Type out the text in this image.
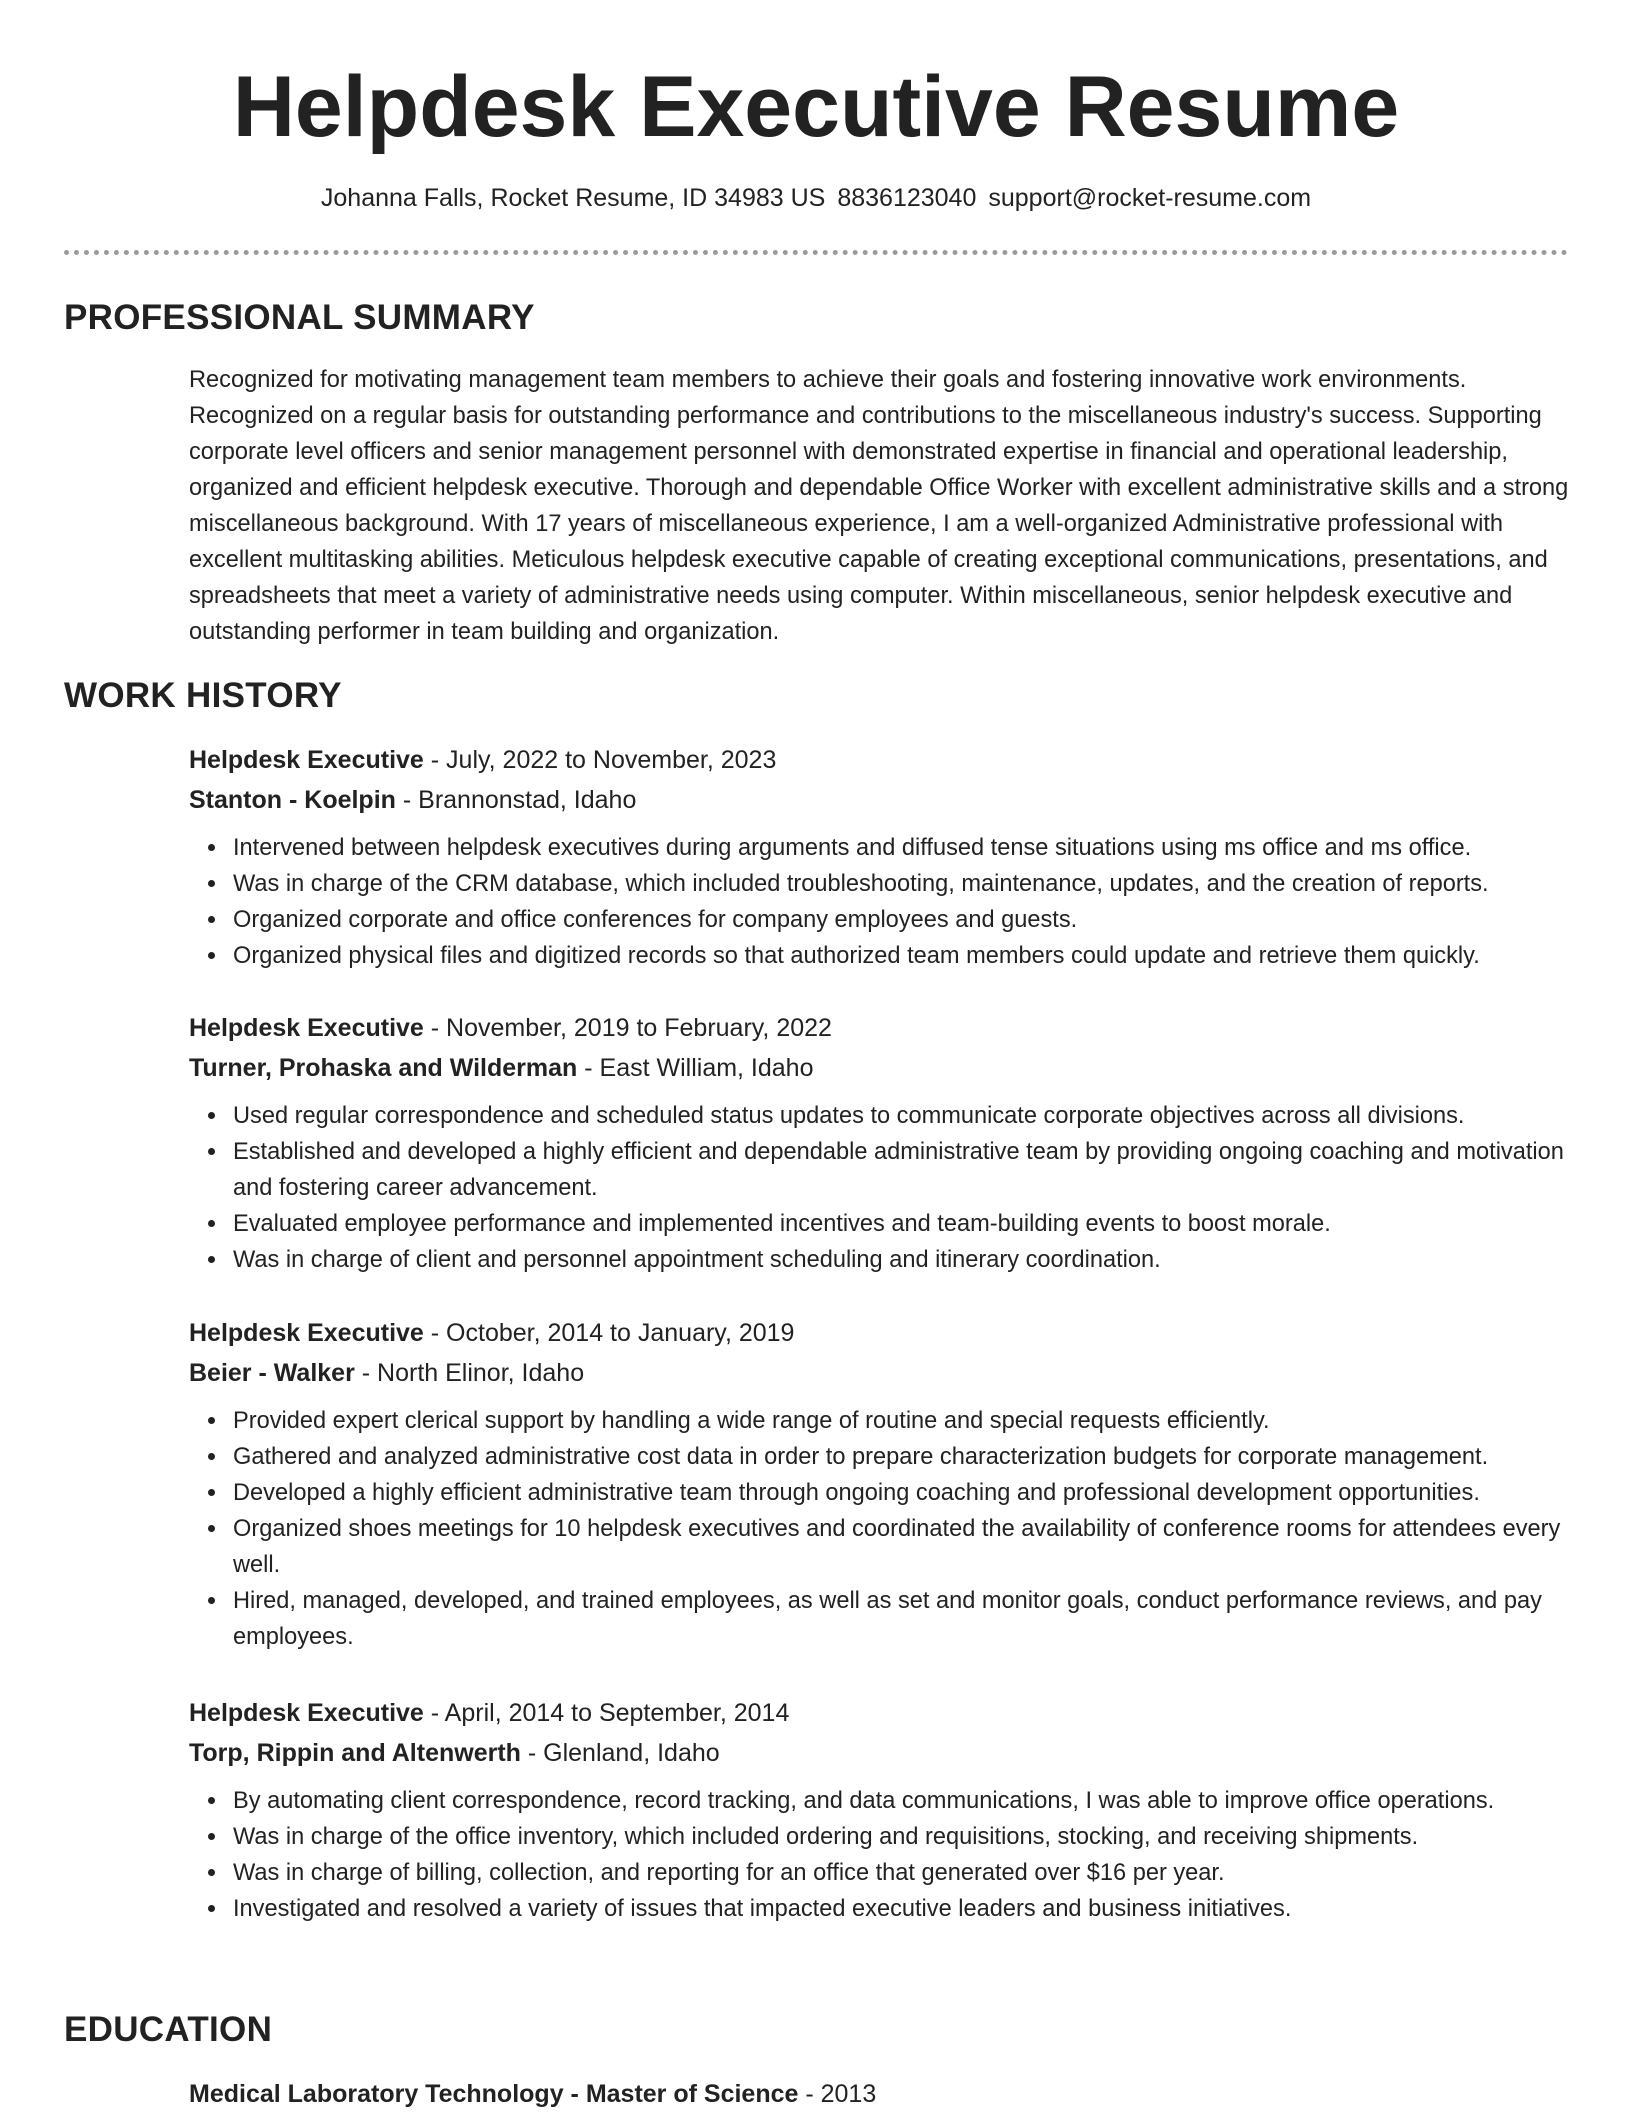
Helpdesk Executive Resume
Johanna Falls, Rocket Resume, ID 34983 US 8836123040 support@rocket-resume.com
PROFESSIONAL SUMMARY
Recognized for motivating management team members to achieve their goals and fostering innovative work environments. Recognized on a regular basis for outstanding performance and contributions to the miscellaneous industry's success. Supporting corporate level officers and senior management personnel with demonstrated expertise in financial and operational leadership, organized and efficient helpdesk executive. Thorough and dependable Office Worker with excellent administrative skills and a strong miscellaneous background. With 17 years of miscellaneous experience, I am a well-organized Administrative professional with excellent multitasking abilities. Meticulous helpdesk executive capable of creating exceptional communications, presentations, and spreadsheets that meet a variety of administrative needs using computer. Within miscellaneous, senior helpdesk executive and outstanding performer in team building and organization.
WORK HISTORY
Helpdesk Executive - July, 2022 to November, 2023
Stanton - Koelpin - Brannonstad, Idaho
Intervened between helpdesk executives during arguments and diffused tense situations using ms office and ms office.
Was in charge of the CRM database, which included troubleshooting, maintenance, updates, and the creation of reports.
Organized corporate and office conferences for company employees and guests.
Organized physical files and digitized records so that authorized team members could update and retrieve them quickly.
Helpdesk Executive - November, 2019 to February, 2022
Turner, Prohaska and Wilderman - East William, Idaho
Used regular correspondence and scheduled status updates to communicate corporate objectives across all divisions.
Established and developed a highly efficient and dependable administrative team by providing ongoing coaching and motivation and fostering career advancement.
Evaluated employee performance and implemented incentives and team-building events to boost morale.
Was in charge of client and personnel appointment scheduling and itinerary coordination.
Helpdesk Executive - October, 2014 to January, 2019
Beier - Walker - North Elinor, Idaho
Provided expert clerical support by handling a wide range of routine and special requests efficiently.
Gathered and analyzed administrative cost data in order to prepare characterization budgets for corporate management.
Developed a highly efficient administrative team through ongoing coaching and professional development opportunities.
Organized shoes meetings for 10 helpdesk executives and coordinated the availability of conference rooms for attendees every well.
Hired, managed, developed, and trained employees, as well as set and monitor goals, conduct performance reviews, and pay employees.
Helpdesk Executive - April, 2014 to September, 2014
Torp, Rippin and Altenwerth - Glenland, Idaho
By automating client correspondence, record tracking, and data communications, I was able to improve office operations.
Was in charge of the office inventory, which included ordering and requisitions, stocking, and receiving shipments.
Was in charge of billing, collection, and reporting for an office that generated over $16 per year.
Investigated and resolved a variety of issues that impacted executive leaders and business initiatives.
EDUCATION
Medical Laboratory Technology - Master of Science - 2013
